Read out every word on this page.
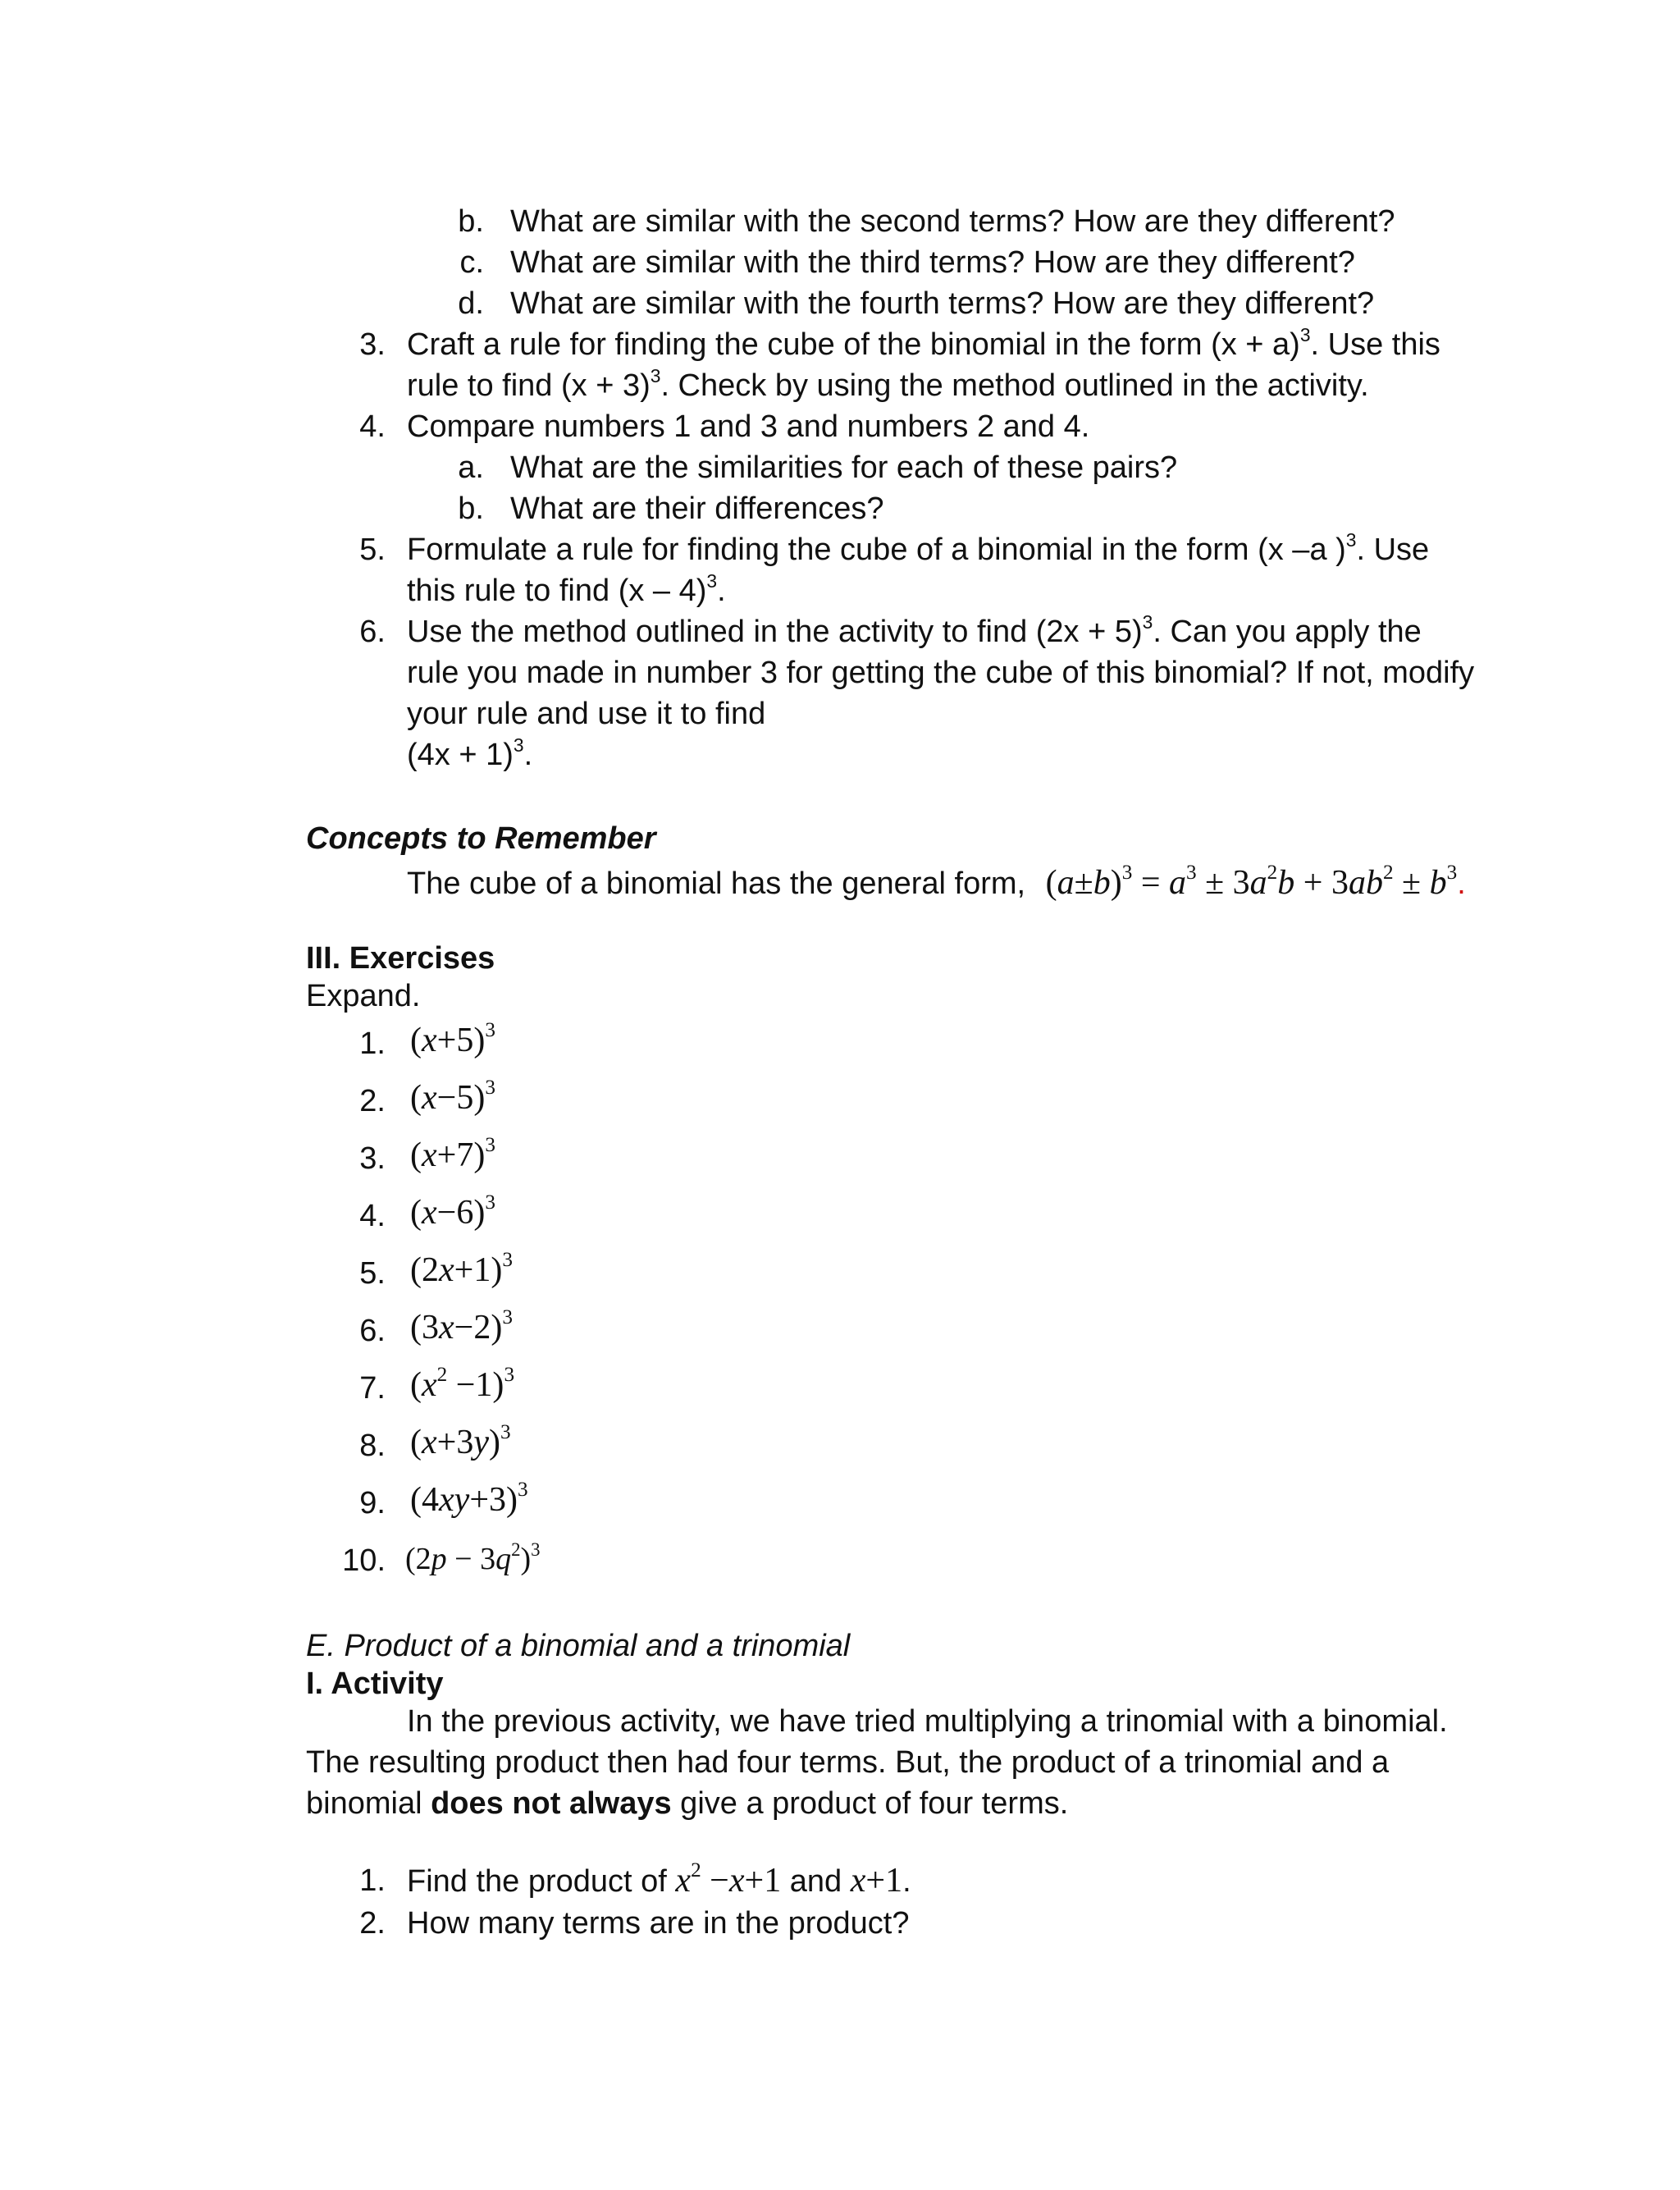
b. What are similar with the second terms? How are they different?
c. What are similar with the third terms? How are they different?
d. What are similar with the fourth terms? How are they different?
3. Craft a rule for finding the cube of the binomial in the form $(x + a)^3$. Use this
rule to find $(x + 3)^3$. Check by using the method outlined in the activity.
4. Compare numbers 1 and 3 and numbers 2 and 4.
a. What are the similarities for each of these pairs?
b. What are their differences?
5. Formulate a rule for finding the cube of a binomial in the form (x –a )$^3$. Use
this rule to find (x – 4)$^3$.
6. Use the method outlined in the activity to find $(2x + 5)^3$. Can you apply the
rule you made in number 3 for getting the cube of this binomial? If not, modify
your rule and use it to find
$(4x + 1)^3$.
Concepts to Remember
The cube of a binomial has the general form, $(a\pm b)^3 = a^3 \pm 3a^2b + 3ab^2 \pm b^3$.
III. Exercises
Expand.
1. $(x+5)^3$
2. $(x-5)^3$
3. $(x+7)^3$
4. $(x-6)^3$
5. $(2x+1)^3$
6. $(3x-2)^3$
7. $(x^2 -1)^3$
8. $(x+3y)^3$
9. $(4xy+3)^3$
10. $(2p - 3q^2)^3$
E. Product of a binomial and a trinomial
I. Activity
In the previous activity, we have tried multiplying a trinomial with a binomial.
The resulting product then had four terms. But, the product of a trinomial and a
binomial does not always give a product of four terms.
1. Find the product of $x^2 -x+1$ and x+1.
2. How many terms are in the product?
